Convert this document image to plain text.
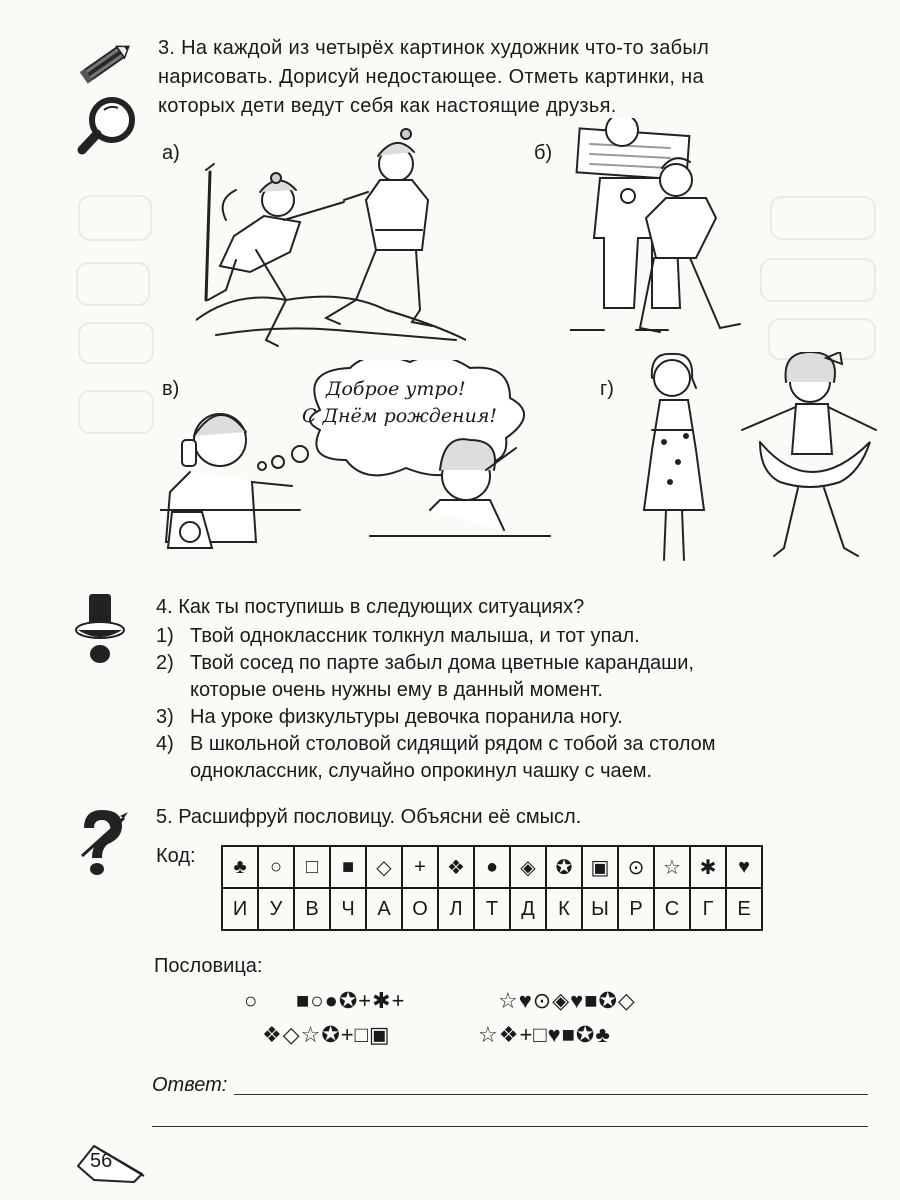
3. На каждой из четырёх картинок художник что-то забыл
нарисовать. Дорисуй недостающее. Отметь картинки, на
которых дети ведут себя как настоящие друзья.
а)	б)
в)	г)
Доброе утро!
С Днём рождения!
4. Как ты поступишь в следующих ситуациях?
1) Твой одноклассник толкнул малыша, и тот упал.
2) Твой сосед по парте забыл дома цветные карандаши,
которые очень нужны ему в данный момент.
3) На уроке физкультуры девочка поранила ногу.
4) В школьной столовой сидящий рядом с тобой за столом
одноклассник, случайно опрокинул чашку с чаем.
5. Расшифруй пословицу. Объясни её смысл.
Код: ♣	○	□	■	◇	+	❖	●	◈	✪	▣	⊙	☆	✱	♥
И	У	В	Ч	А	О	Л	Т	Д	К	Ы	Р	С	Г	Е
Пословица:
○ ■○●✪+✱+	☆♥⊙◈♥■✪◇
❖◇☆✪+□▣	☆❖+□♥■✪♣
Ответ:
56
